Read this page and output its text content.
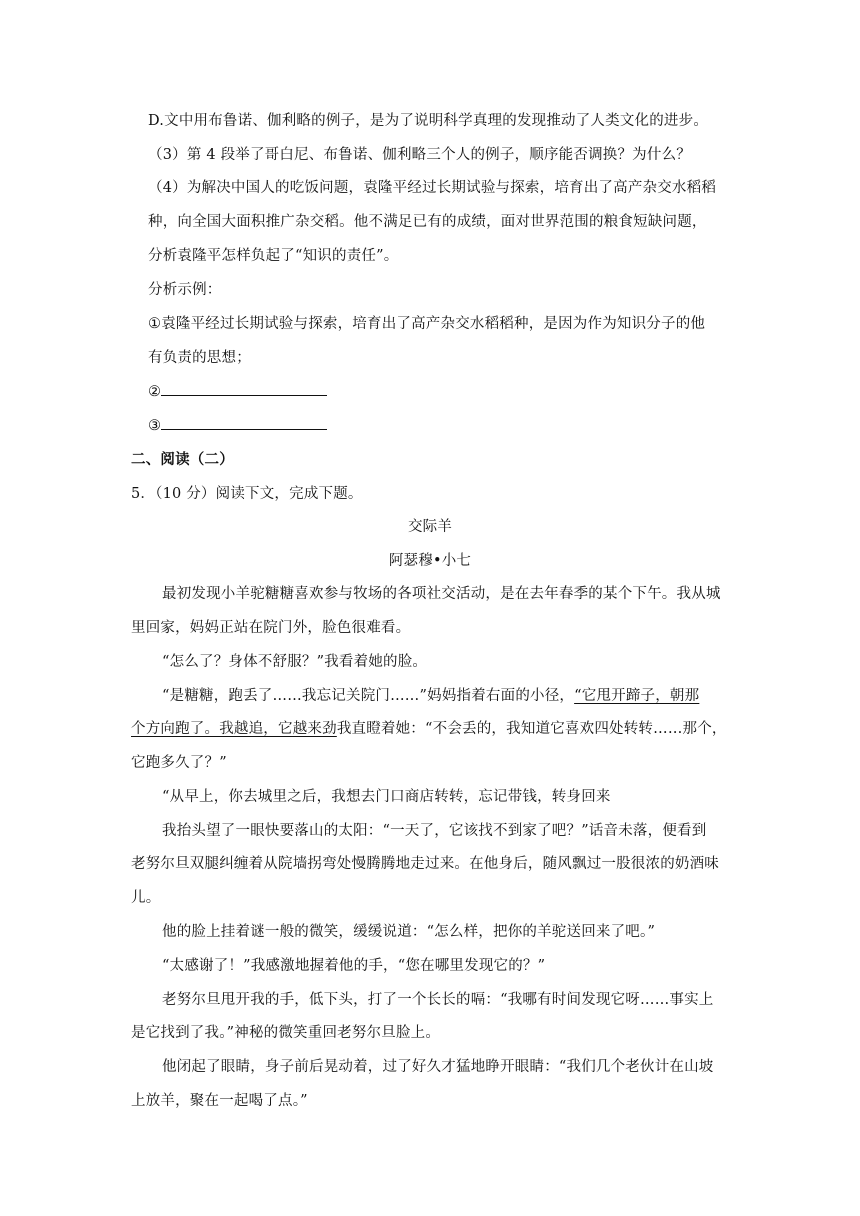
D.文中用布鲁诺、伽利略的例子，是为了说明科学真理的发现推动了人类文化的进步。
（3）第 4 段举了哥白尼、布鲁诺、伽利略三个人的例子，顺序能否调换？为什么？
（4）为解决中国人的吃饭问题，袁隆平经过长期试验与探索，培育出了高产杂交水稻稻
种，向全国大面积推广杂交稻。他不满足已有的成绩，面对世界范围的粮食短缺问题，
分析袁隆平怎样负起了“知识的责任”。
分析示例：
①袁隆平经过长期试验与探索，培育出了高产杂交水稻稻种，是因为作为知识分子的他
有负责的思想；
②
③
二、阅读（二）
5．（10 分）阅读下文，完成下题。
交际羊
阿瑟穆•小七
最初发现小羊驼糖糖喜欢参与牧场的各项社交活动，是在去年春季的某个下午。我从城
里回家，妈妈正站在院门外，脸色很难看。
“怎么了？身体不舒服？”我看着她的脸。
“是糖糖，跑丢了……我忘记关院门……”妈妈指着右面的小径，“它甩开蹄子，朝那
个方向跑了。我越追，它越来劲我直瞪着她：“不会丢的，我知道它喜欢四处转转……那个，
它跑多久了？”
“从早上，你去城里之后，我想去门口商店转转，忘记带钱，转身回来
我抬头望了一眼快要落山的太阳：“一天了，它该找不到家了吧？”话音未落，便看到
老努尔旦双腿纠缠着从院墙拐弯处慢腾腾地走过来。在他身后，随风飘过一股很浓的奶酒味
儿。
他的脸上挂着谜一般的微笑，缓缓说道：“怎么样，把你的羊驼送回来了吧。”
“太感谢了！”我感激地握着他的手，“您在哪里发现它的？”
老努尔旦甩开我的手，低下头，打了一个长长的嗝：“我哪有时间发现它呀……事实上
是它找到了我。”神秘的微笑重回老努尔旦脸上。
他闭起了眼睛，身子前后晃动着，过了好久才猛地睁开眼睛：“我们几个老伙计在山坡
上放羊，聚在一起喝了点。”
